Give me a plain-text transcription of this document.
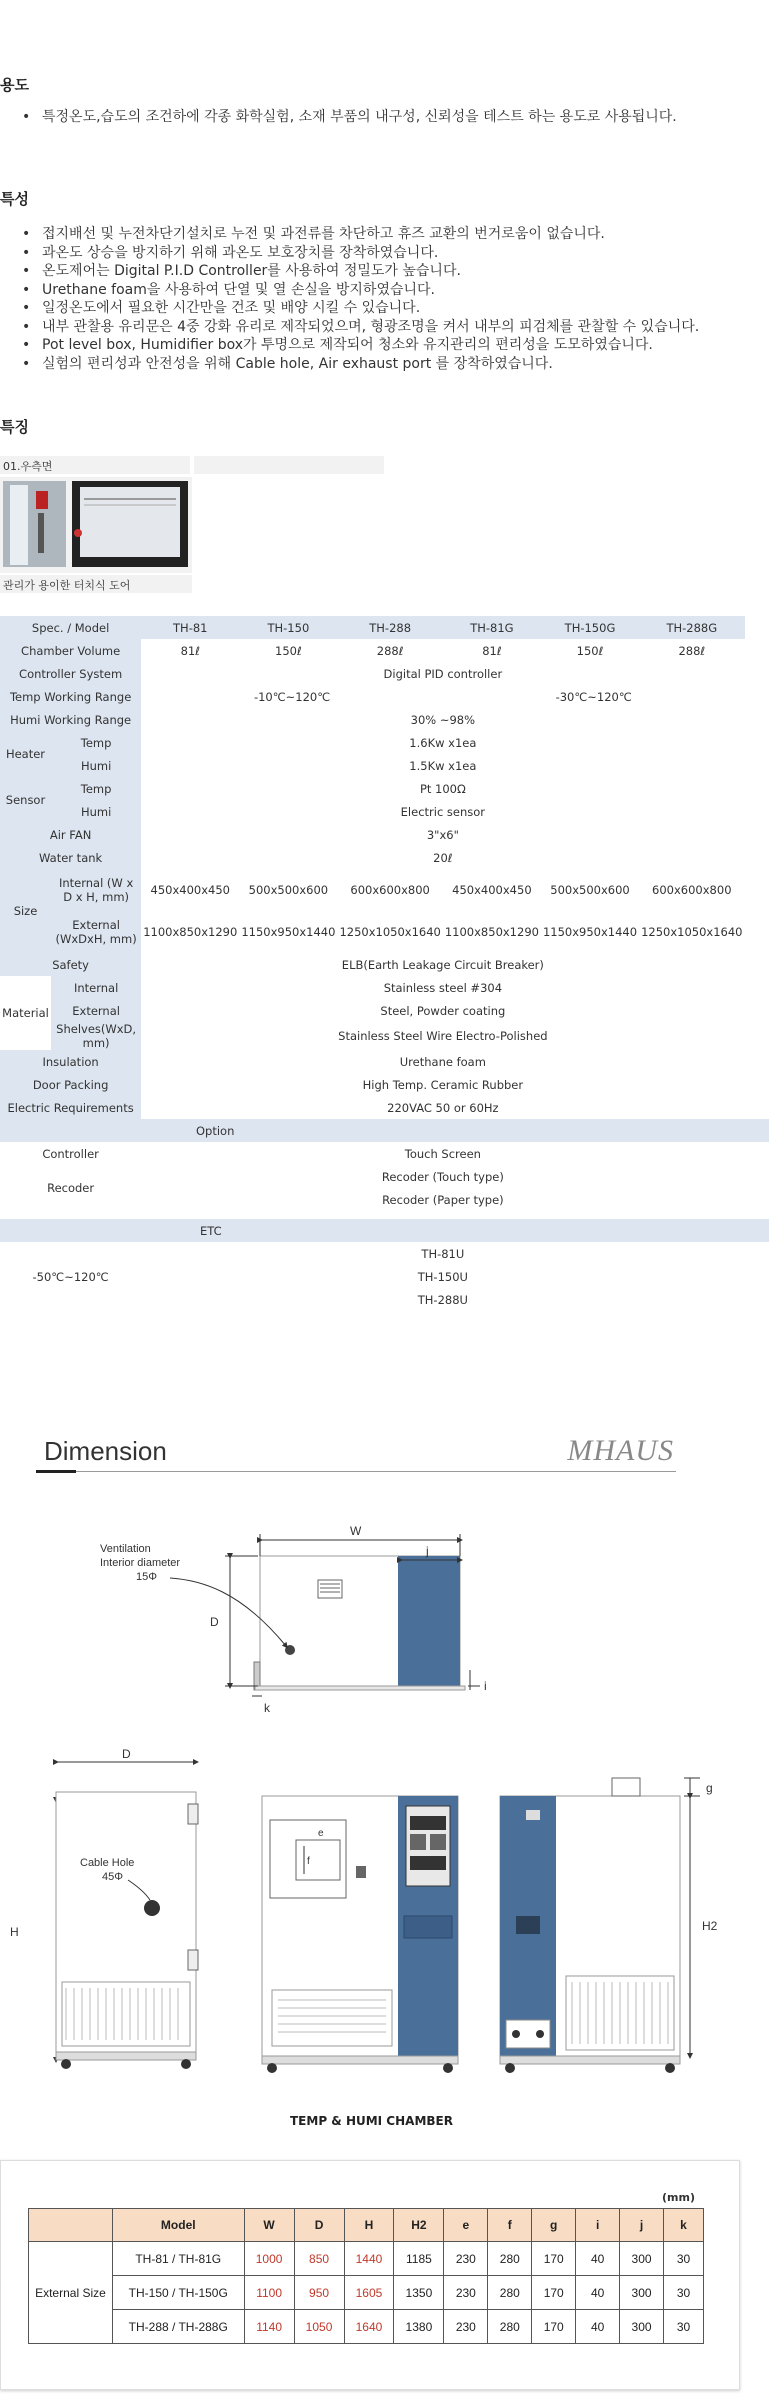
용도
• 특정온도,습도의 조건하에 각종 화학실험, 소재 부품의 내구성, 신뢰성을 테스트 하는 용도로 사용됩니다.
특성
• 접지배선 및 누전차단기설치로 누전 및 과전류를 차단하고 휴즈 교환의 번거로움이 없습니다.
• 과온도 상승을 방지하기 위해 과온도 보호장치를 장착하였습니다.
• 온도제어는 Digital P.I.D Controller를 사용하여 정밀도가 높습니다.
• Urethane foam을 사용하여 단열 및 열 손실을 방지하였습니다.
• 일정온도에서 필요한 시간만을 건조 및 배양 시킬 수 있습니다.
• 내부 관찰용 유리문은 4중 강화 유리로 제작되었으며, 형광조명을 켜서 내부의 피검체를 관찰할 수 있습니다.
• Pot level box, Humidifier box가 투명으로 제작되어 청소와 유지관리의 편리성을 도모하였습니다.
• 실험의 편리성과 안전성을 위해 Cable hole, Air exhaust port 를 장착하였습니다.
특징
01.우측면
관리가 용이한 터치식 도어
Spec. / Model		TH-81	TH-150	TH-288	TH-81G	TH-150G	TH-288G	
Chamber Volume		81ℓ	150ℓ	288ℓ	81ℓ	150ℓ	288ℓ	
Controller System		Digital PID controller						
Temp Working Range		-10℃~120℃			-30℃~120℃			
Humi Working Range		30% ~98%						
Heater	Temp	1.6Kw x1ea						
	Humi	1.5Kw x1ea						
Sensor	Temp	Pt 100Ω						
	Humi	Electric sensor						
Air FAN		3"x6"						
Water tank		20ℓ						
Size	Internal (W x D x H, mm)	450x400x450	500x500x600	600x600x800	450x400x450	500x500x600	600x600x800	
	External (WxDxH, mm)	1100x850x1290	1150x950x1440	1250x1050x1640	1100x850x1290	1150x950x1440	1250x1050x1640	
Safety		ELB(Earth Leakage Circuit Breaker)						
Material	Internal	Stainless steel #304						
	External	Steel, Powder coating						
	Shelves(WxD, mm)	Stainless Steel Wire Electro-Polished						
Insulation		Urethane foam						
Door Packing		High Temp. Ceramic Rubber						
Electric Requirements		220VAC 50 or 60Hz						
Option								
Controller		Touch Screen						
Recoder		Recoder (Touch type)						
		Recoder (Paper type)						

ETC								
-50℃~120℃		TH-81U						
		TH-150U						
		TH-288U						
Dimension	MHAUS
W
j
D
i
k
Ventilation
Interior diameter
15Φ
D
H
Cable Hole
45Φ
f
e
g
H2
TEMP & HUMI CHAMBER
(mm)
	Model	W	D	H	H2	e	f	g	i	j	k
External Size	TH-81 / TH-81G	1000	850	1440	1185	230	280	170	40	300	30
	TH-150 / TH-150G	1100	950	1605	1350	230	280	170	40	300	30
	TH-288 / TH-288G	1140	1050	1640	1380	230	280	170	40	300	30
